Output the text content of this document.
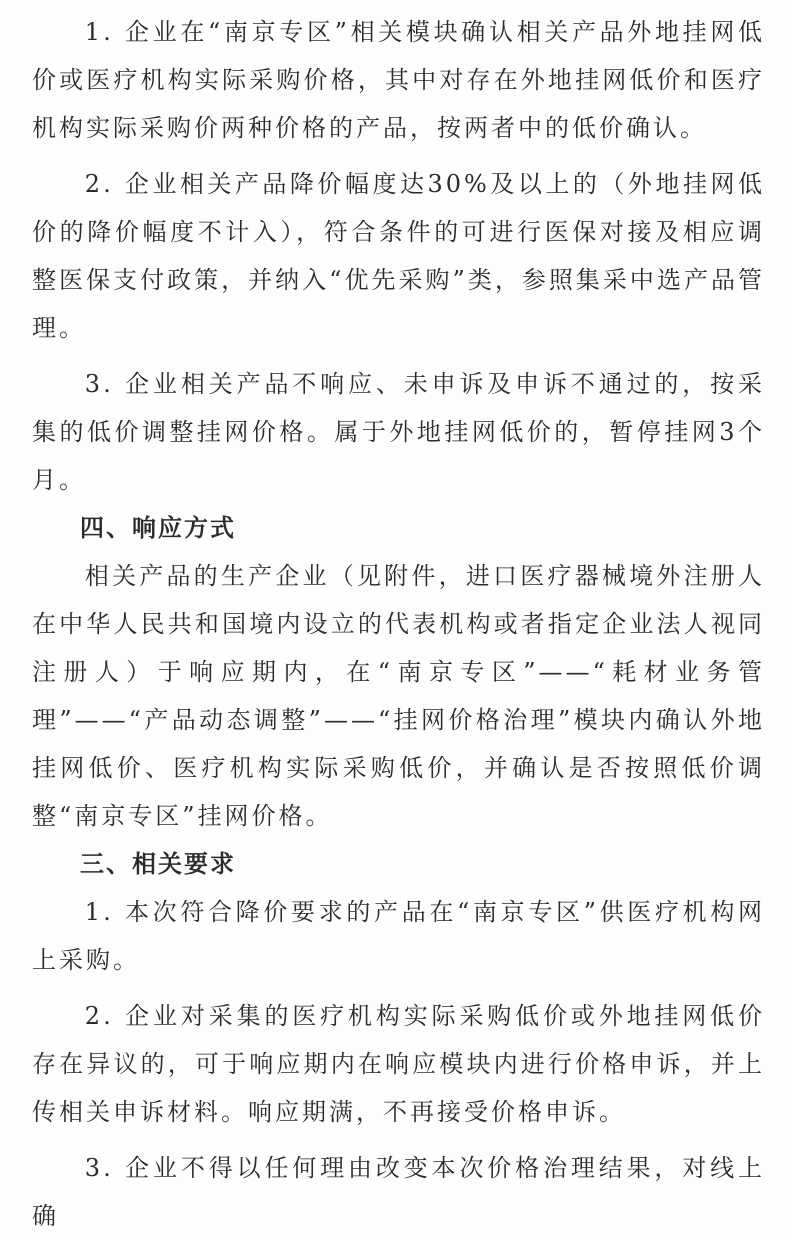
1. 企业在“南京专区”相关模块确认相关产品外地挂网低价或医疗机构实际采购价格，其中对存在外地挂网低价和医疗机构实际采购价两种价格的产品，按两者中的低价确认。

2. 企业相关产品降价幅度达30%及以上的（外地挂网低价的降价幅度不计入），符合条件的可进行医保对接及相应调整医保支付政策，并纳入“优先采购”类，参照集采中选产品管理。

3. 企业相关产品不响应、未申诉及申诉不通过的，按采集的低价调整挂网价格。属于外地挂网低价的，暂停挂网3个月。

四、响应方式

相关产品的生产企业（见附件，进口医疗器械境外注册人在中华人民共和国境内设立的代表机构或者指定企业法人视同注册人）于响应期内，在“南京专区”——“耗材业务管理”——“产品动态调整”——“挂网价格治理”模块内确认外地挂网低价、医疗机构实际采购低价，并确认是否按照低价调整“南京专区”挂网价格。

三、相关要求

1. 本次符合降价要求的产品在“南京专区”供医疗机构网上采购。

2. 企业对采集的医疗机构实际采购低价或外地挂网低价存在异议的，可于响应期内在响应模块内进行价格申诉，并上传相关申诉材料。响应期满，不再接受价格申诉。

3. 企业不得以任何理由改变本次价格治理结果，对线上确
